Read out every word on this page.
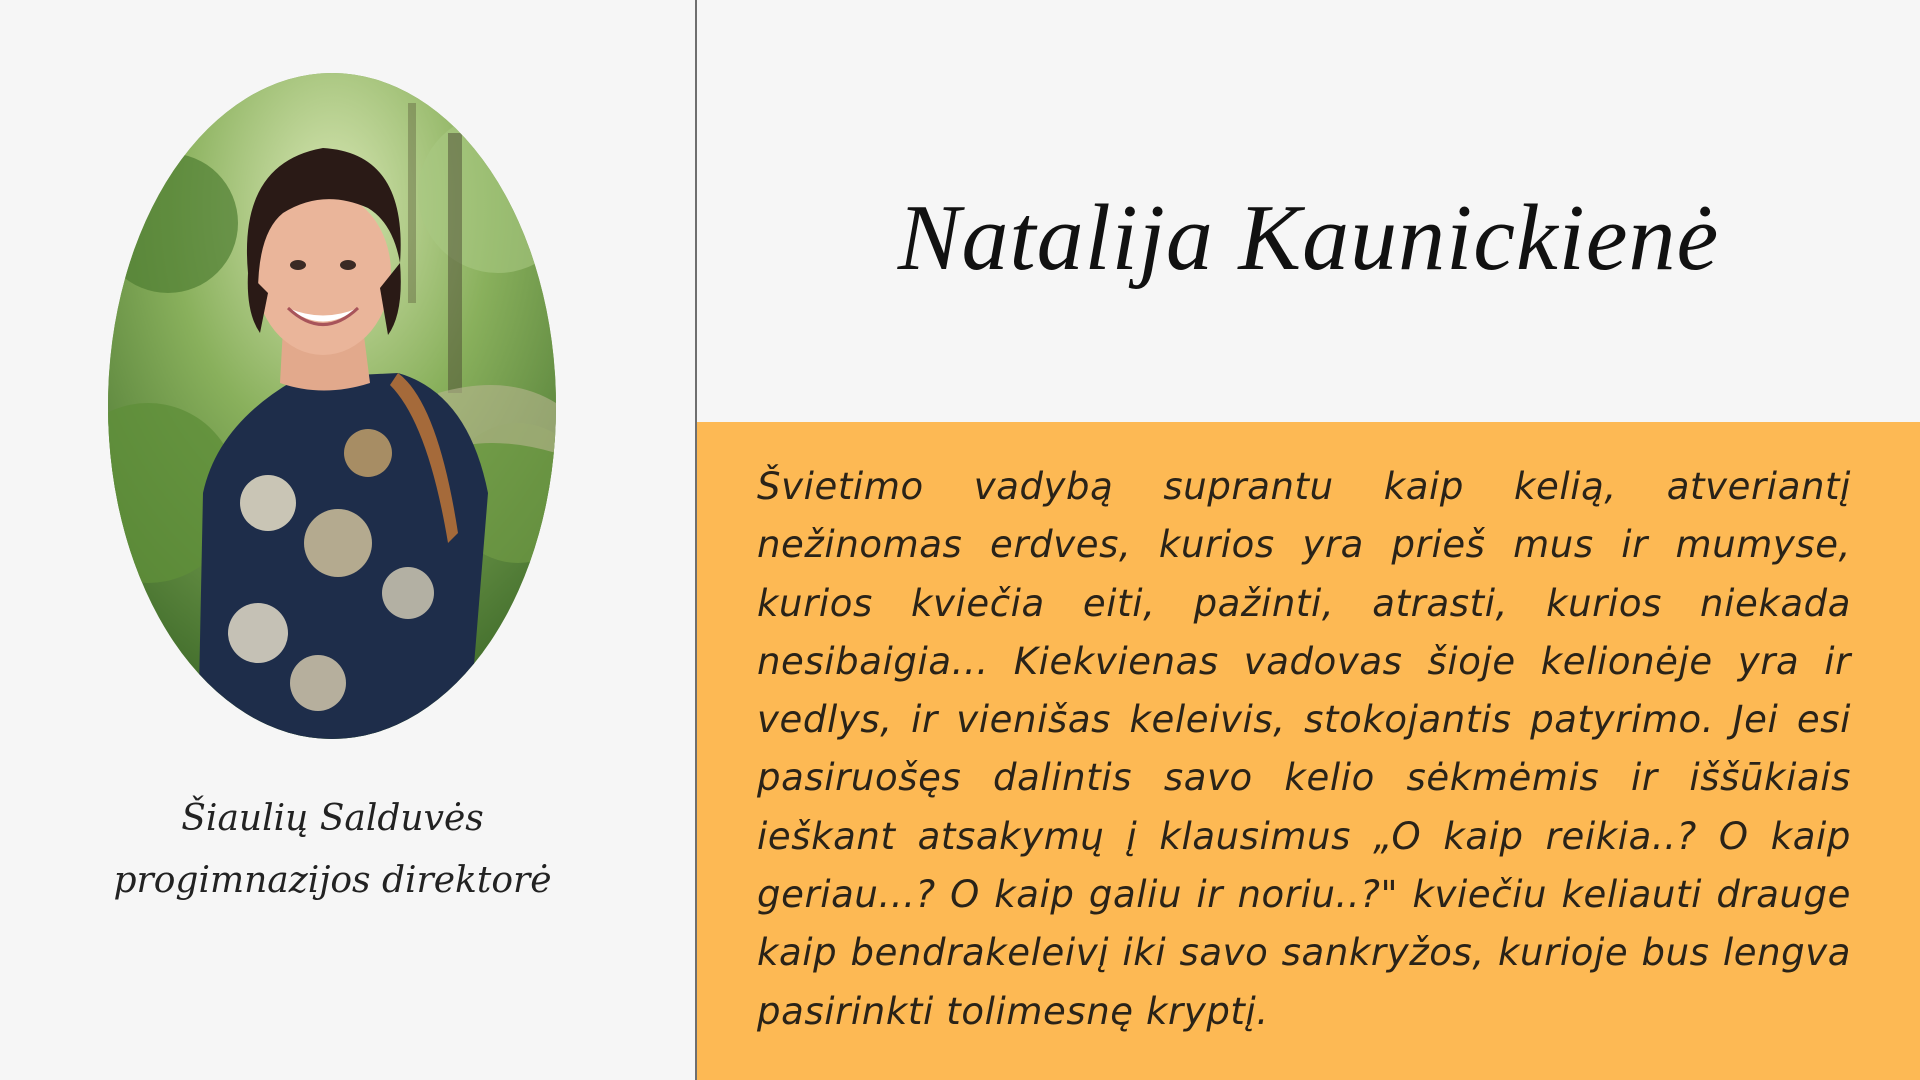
Šiaulių Salduvės
progimnazijos direktorė
Natalija Kaunickienė

Švietimo vadybą suprantu kaip kelią, atveriantį nežinomas erdves, kurios yra prieš mus ir mumyse, kurios kviečia eiti, pažinti, atrasti, kurios niekada nesibaigia... Kiekvienas vadovas šioje kelionėje yra ir vedlys, ir vienišas keleivis, stokojantis patyrimo. Jei esi pasiruošęs dalintis savo kelio sėkmėmis ir iššūkiais ieškant atsakymų į klausimus „O kaip reikia..? O kaip geriau...? O kaip galiu ir noriu..?" kviečiu keliauti drauge kaip bendrakeleivį iki savo sankryžos, kurioje bus lengva pasirinkti tolimesnę kryptį.
